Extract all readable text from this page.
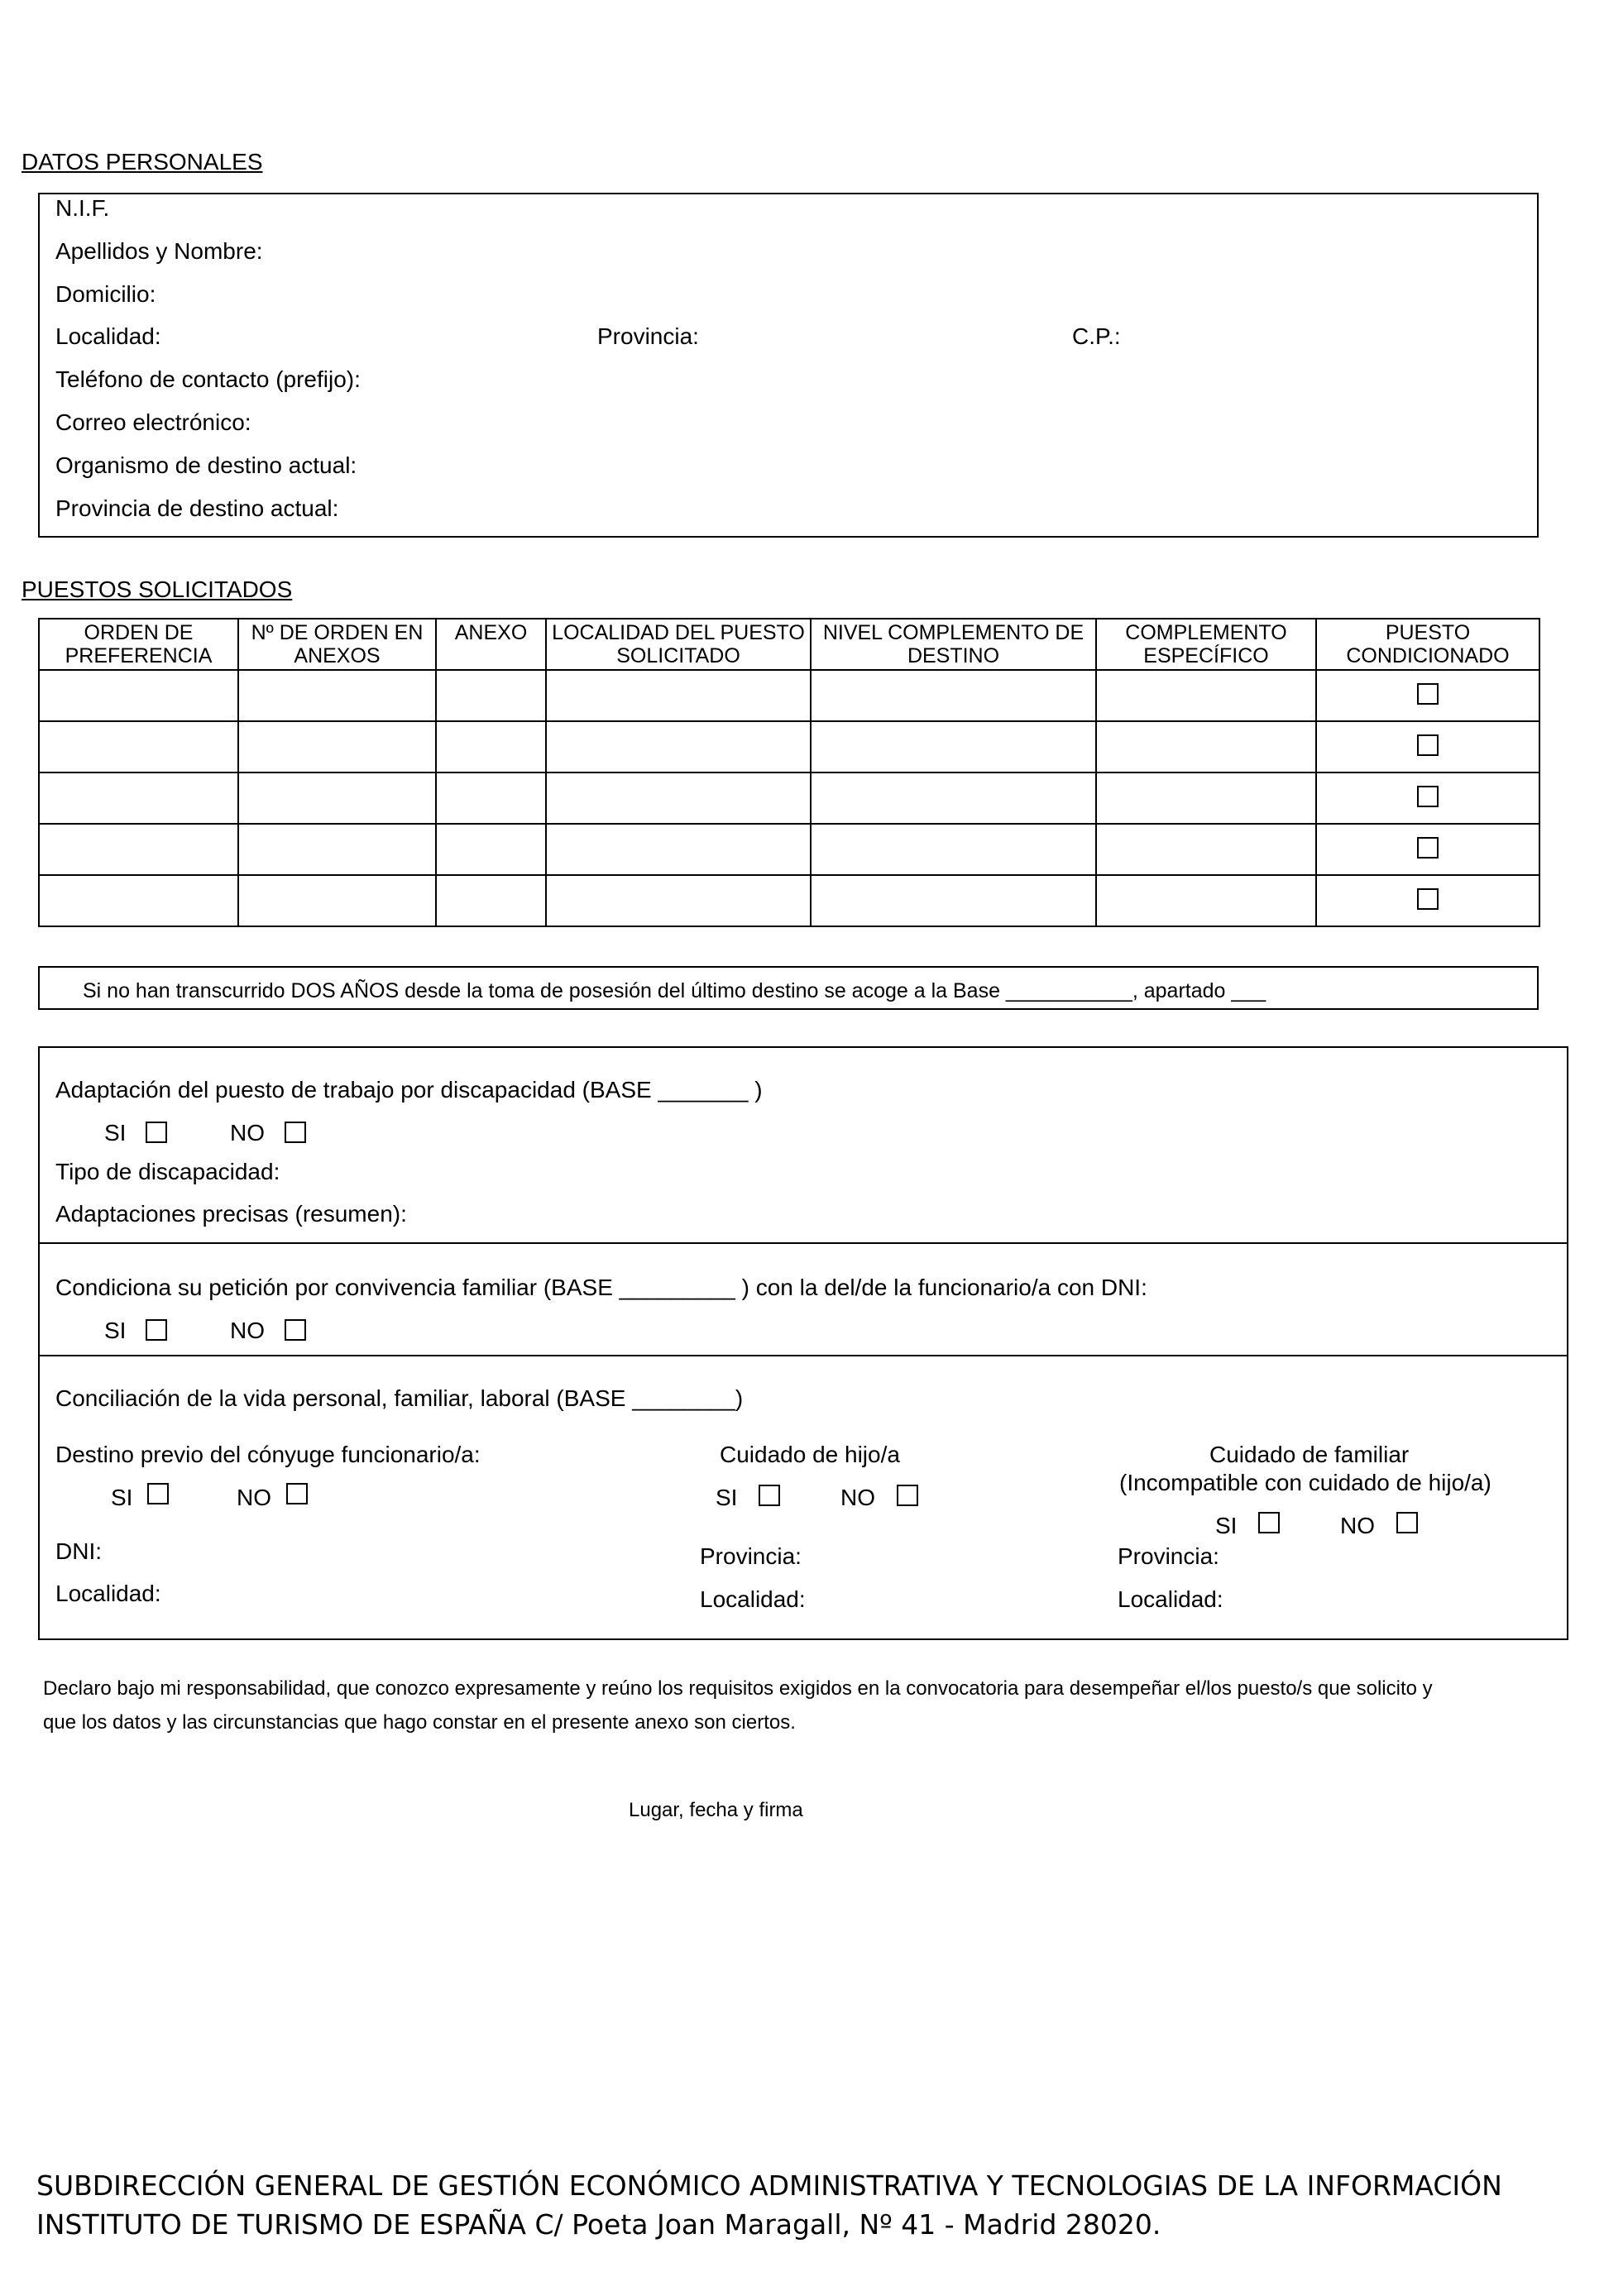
DATOS PERSONALES
N.I.F.
Apellidos y Nombre:
Domicilio:
Localidad:	Provincia:	C.P.:
Teléfono de contacto (prefijo):
Correo electrónico:
Organismo de destino actual:
Provincia de destino actual:
PUESTOS SOLICITADOS
ORDEN DE PREFERENCIA	Nº DE ORDEN EN ANEXOS	ANEXO	LOCALIDAD DEL PUESTO SOLICITADO	NIVEL COMPLEMENTO DE DESTINO	COMPLEMENTO ESPECÍFICO	PUESTO CONDICIONADO

Si no han transcurrido DOS AÑOS desde la toma de posesión del último destino se acoge a la Base ___________, apartado ___
Adaptación del puesto de trabajo por discapacidad (BASE _______ )
SI	NO
Tipo de discapacidad:
Adaptaciones precisas (resumen):
Condiciona su petición por convivencia familiar (BASE _________ ) con la del/de la funcionario/a con DNI:
SI	NO
Conciliación de la vida personal, familiar, laboral (BASE ________)
Destino previo del cónyuge funcionario/a:
SI	NO
DNI:
Localidad:
Cuidado de hijo/a
SI	NO
Provincia:
Localidad:
Cuidado de familiar
(Incompatible con cuidado de hijo/a)
SI	NO
Provincia:
Localidad:
Declaro bajo mi responsabilidad, que conozco expresamente y reúno los requisitos exigidos en la convocatoria para desempeñar el/los puesto/s que solicito y
que los datos y las circunstancias que hago constar en el presente anexo son ciertos.
Lugar, fecha y firma
SUBDIRECCIÓN GENERAL DE GESTIÓN ECONÓMICO ADMINISTRATIVA Y TECNOLOGIAS DE LA INFORMACIÓN
INSTITUTO DE TURISMO DE ESPAÑA C/ Poeta Joan Maragall, Nº 41 - Madrid 28020.
